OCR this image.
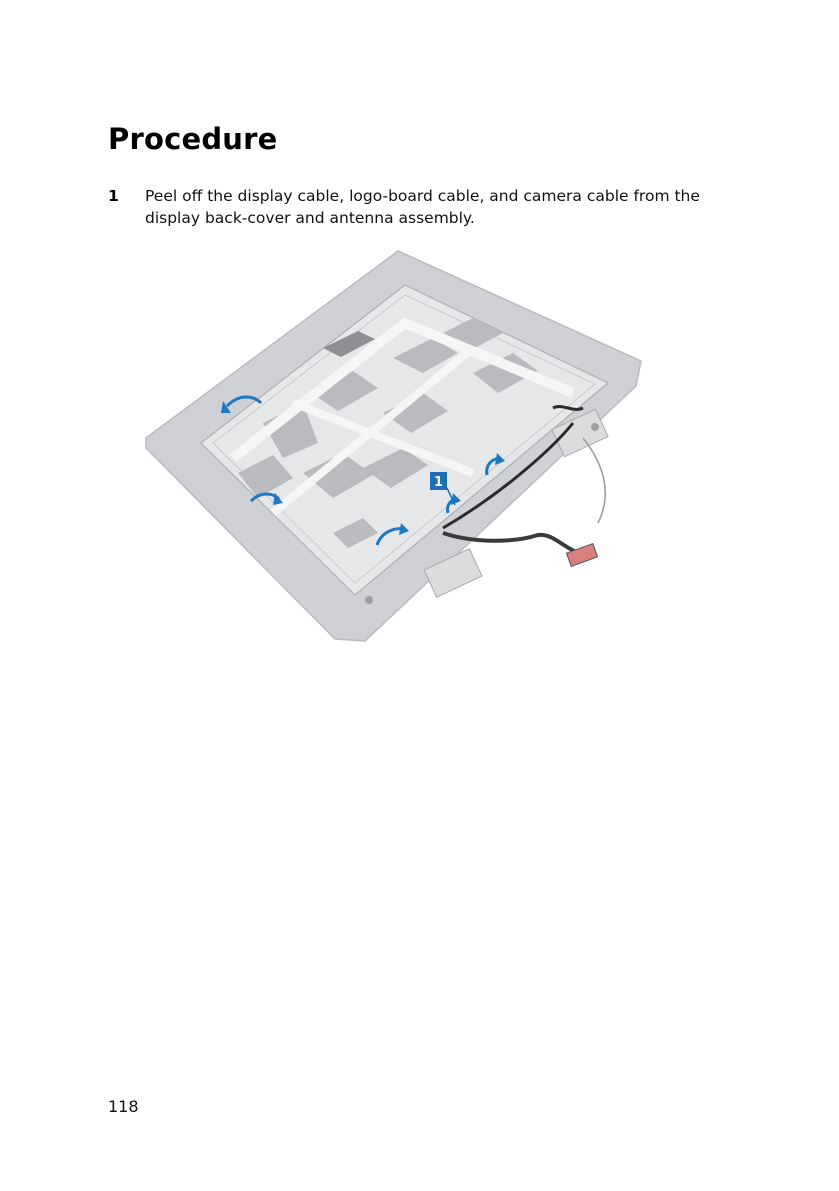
Procedure
1 Peel off the display cable, logo-board cable, and camera cable from the display back-cover and antenna assembly.
1
118
